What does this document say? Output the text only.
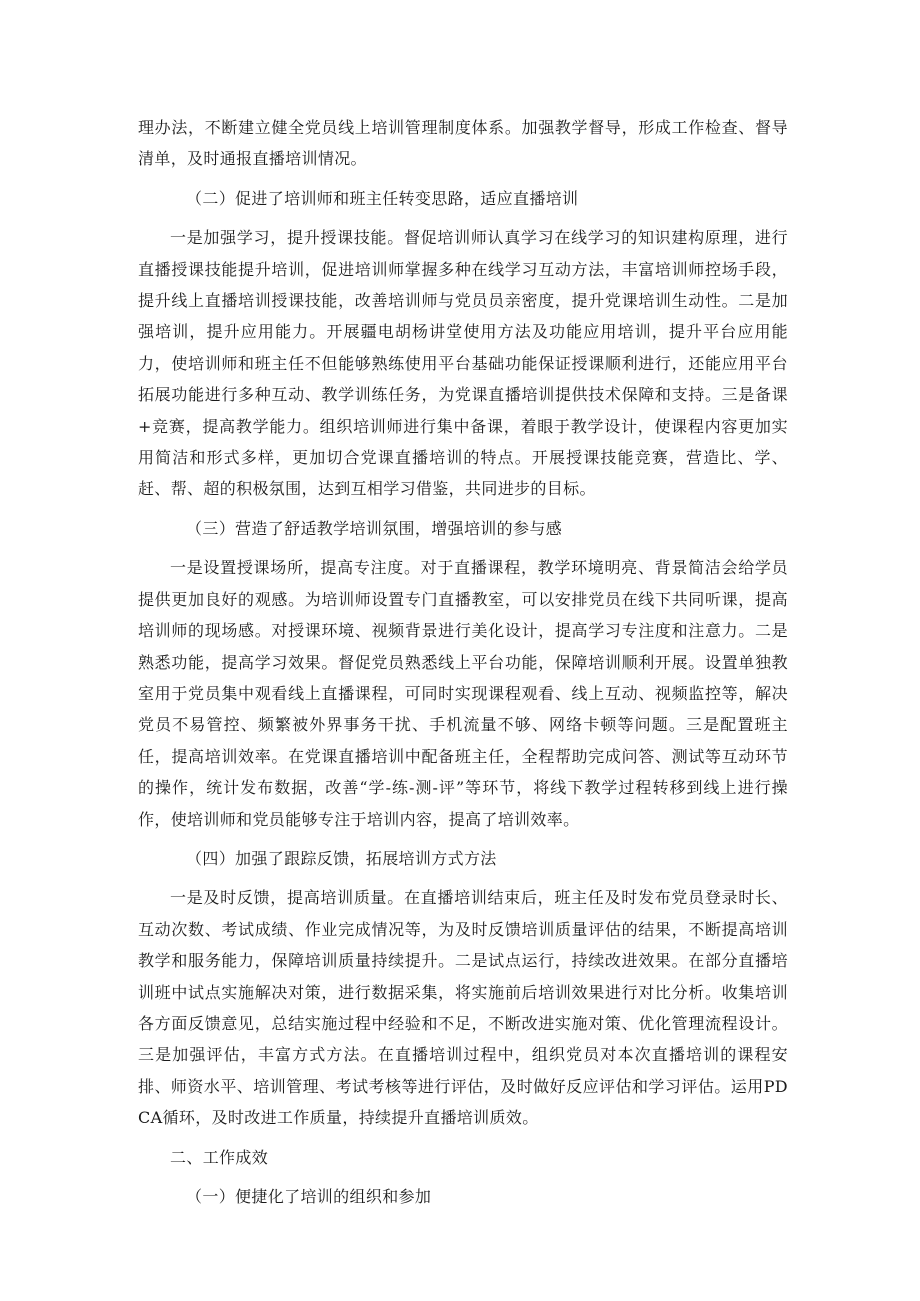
理办法，不断建立健全党员线上培训管理制度体系。加强教学督导，形成工作检查、督导清单，及时通报直播培训情况。

（二）促进了培训师和班主任转变思路，适应直播培训

一是加强学习，提升授课技能。督促培训师认真学习在线学习的知识建构原理，进行直播授课技能提升培训，促进培训师掌握多种在线学习互动方法，丰富培训师控场手段，提升线上直播培训授课技能，改善培训师与党员员亲密度，提升党课培训生动性。二是加强培训，提升应用能力。开展疆电胡杨讲堂使用方法及功能应用培训，提升平台应用能力，使培训师和班主任不但能够熟练使用平台基础功能保证授课顺利进行，还能应用平台拓展功能进行多种互动、教学训练任务，为党课直播培训提供技术保障和支持。三是备课+竞赛，提高教学能力。组织培训师进行集中备课，着眼于教学设计，使课程内容更加实用简洁和形式多样，更加切合党课直播培训的特点。开展授课技能竞赛，营造比、学、赶、帮、超的积极氛围，达到互相学习借鉴，共同进步的目标。

（三）营造了舒适教学培训氛围，增强培训的参与感

一是设置授课场所，提高专注度。对于直播课程，教学环境明亮、背景简洁会给学员提供更加良好的观感。为培训师设置专门直播教室，可以安排党员在线下共同听课，提高培训师的现场感。对授课环境、视频背景进行美化设计，提高学习专注度和注意力。二是熟悉功能，提高学习效果。督促党员熟悉线上平台功能，保障培训顺利开展。设置单独教室用于党员集中观看线上直播课程，可同时实现课程观看、线上互动、视频监控等，解决党员不易管控、频繁被外界事务干扰、手机流量不够、网络卡顿等问题。三是配置班主任，提高培训效率。在党课直播培训中配备班主任，全程帮助完成问答、测试等互动环节的操作，统计发布数据，改善“学-练-测-评”等环节，将线下教学过程转移到线上进行操作，使培训师和党员能够专注于培训内容，提高了培训效率。

（四）加强了跟踪反馈，拓展培训方式方法

一是及时反馈，提高培训质量。在直播培训结束后，班主任及时发布党员登录时长、互动次数、考试成绩、作业完成情况等，为及时反馈培训质量评估的结果，不断提高培训教学和服务能力，保障培训质量持续提升。二是试点运行，持续改进效果。在部分直播培训班中试点实施解决对策，进行数据采集，将实施前后培训效果进行对比分析。收集培训各方面反馈意见，总结实施过程中经验和不足，不断改进实施对策、优化管理流程设计。三是加强评估，丰富方式方法。在直播培训过程中，组织党员对本次直播培训的课程安排、师资水平、培训管理、考试考核等进行评估，及时做好反应评估和学习评估。运用PDCA循环，及时改进工作质量，持续提升直播培训质效。

二、工作成效

（一）便捷化了培训的组织和参加
